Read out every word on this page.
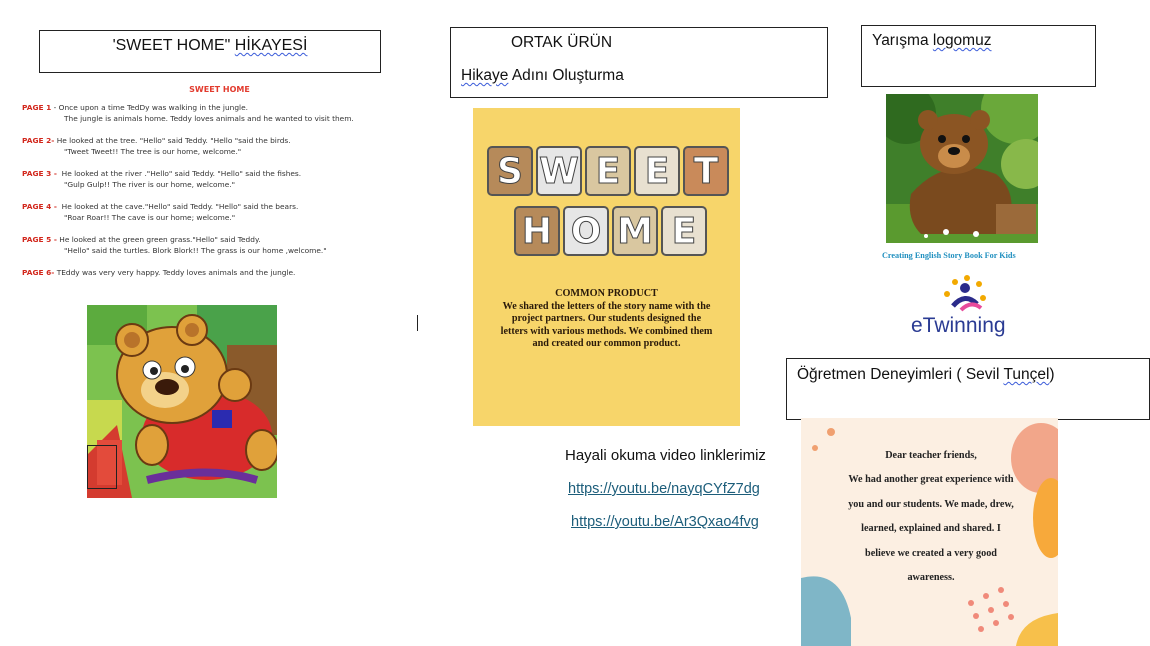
'SWEET HOME" HİKAYESİ
SWEET HOME
PAGE 1 - Once upon a time TedDy was walking in the jungle.
The jungle is animals home. Teddy loves animals and he wanted to visit them.
PAGE 2- He looked at the tree. "Hello" said Teddy. "Hello "said the birds.
"Tweet Tweet!! The tree is our home, welcome."
PAGE 3 - He looked at the river ."Hello" said Teddy. "Hello" said the fishes.
"Gulp Gulp!! The river is our home, welcome."
PAGE 4 - He looked at the cave."Hello" said Teddy. "Hello" said the bears.
"Roar Roar!! The cave is our home; welcome."
PAGE 5 - He looked at the green green grass."Hello" said Teddy.
"Hello" said the turtles. Blork Blork!! The grass is our home ,welcome."
PAGE 6- TEddy was very very happy. Teddy loves animals and the jungle.
ORTAK ÜRÜN
Hikaye Adını Oluşturma
S W E E T
H O M E
COMMON PRODUCT
We shared the letters of the story name with the project partners. Our students designed the letters with various methods. We combined them and created our common product.
Yarışma logomuz
Creating English Story Book For Kids
eTwinning
Öğretmen Deneyimleri ( Sevil Tunçel)
Dear teacher friends,
We had another great experience with
you and our students. We made, drew,
learned, explained and shared. I
believe we created a very good
awareness.
Hayali okuma video linklerimiz
https://youtu.be/nayqCYfZ7dg
https://youtu.be/Ar3Qxao4fvg
